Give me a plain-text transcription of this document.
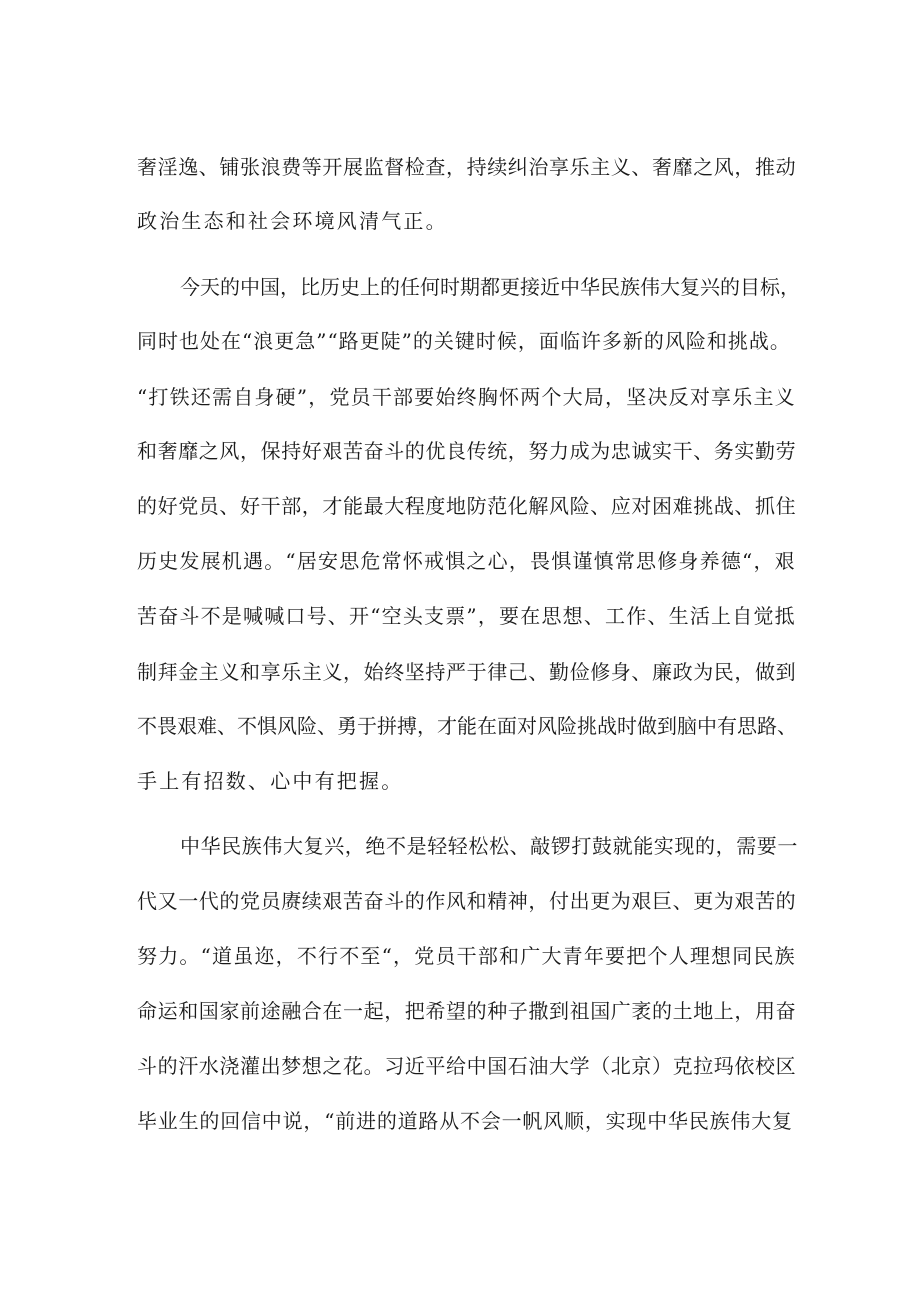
奢淫逸、铺张浪费等开展监督检查，持续纠治享乐主义、奢靡之风，推动
政治生态和社会环境风清气正。
今天的中国，比历史上的任何时期都更接近中华民族伟大复兴的目标，
同时也处在“浪更急”“路更陡”的关键时候，面临许多新的风险和挑战。
“打铁还需自身硬”，党员干部要始终胸怀两个大局，坚决反对享乐主义
和奢靡之风，保持好艰苦奋斗的优良传统，努力成为忠诚实干、务实勤劳
的好党员、好干部，才能最大程度地防范化解风险、应对困难挑战、抓住
历史发展机遇。“居安思危常怀戒惧之心，畏惧谨慎常思修身养德“，艰
苦奋斗不是喊喊口号、开“空头支票”，要在思想、工作、生活上自觉抵
制拜金主义和享乐主义，始终坚持严于律己、勤俭修身、廉政为民，做到
不畏艰难、不惧风险、勇于拼搏，才能在面对风险挑战时做到脑中有思路、
手上有招数、心中有把握。
中华民族伟大复兴，绝不是轻轻松松、敲锣打鼓就能实现的，需要一
代又一代的党员赓续艰苦奋斗的作风和精神，付出更为艰巨、更为艰苦的
努力。“道虽迩，不行不至“，党员干部和广大青年要把个人理想同民族
命运和国家前途融合在一起，把希望的种子撒到祖国广袤的土地上，用奋
斗的汗水浇灌出梦想之花。习近平给中国石油大学（北京）克拉玛依校区
毕业生的回信中说，“前进的道路从不会一帆风顺，实现中华民族伟大复
